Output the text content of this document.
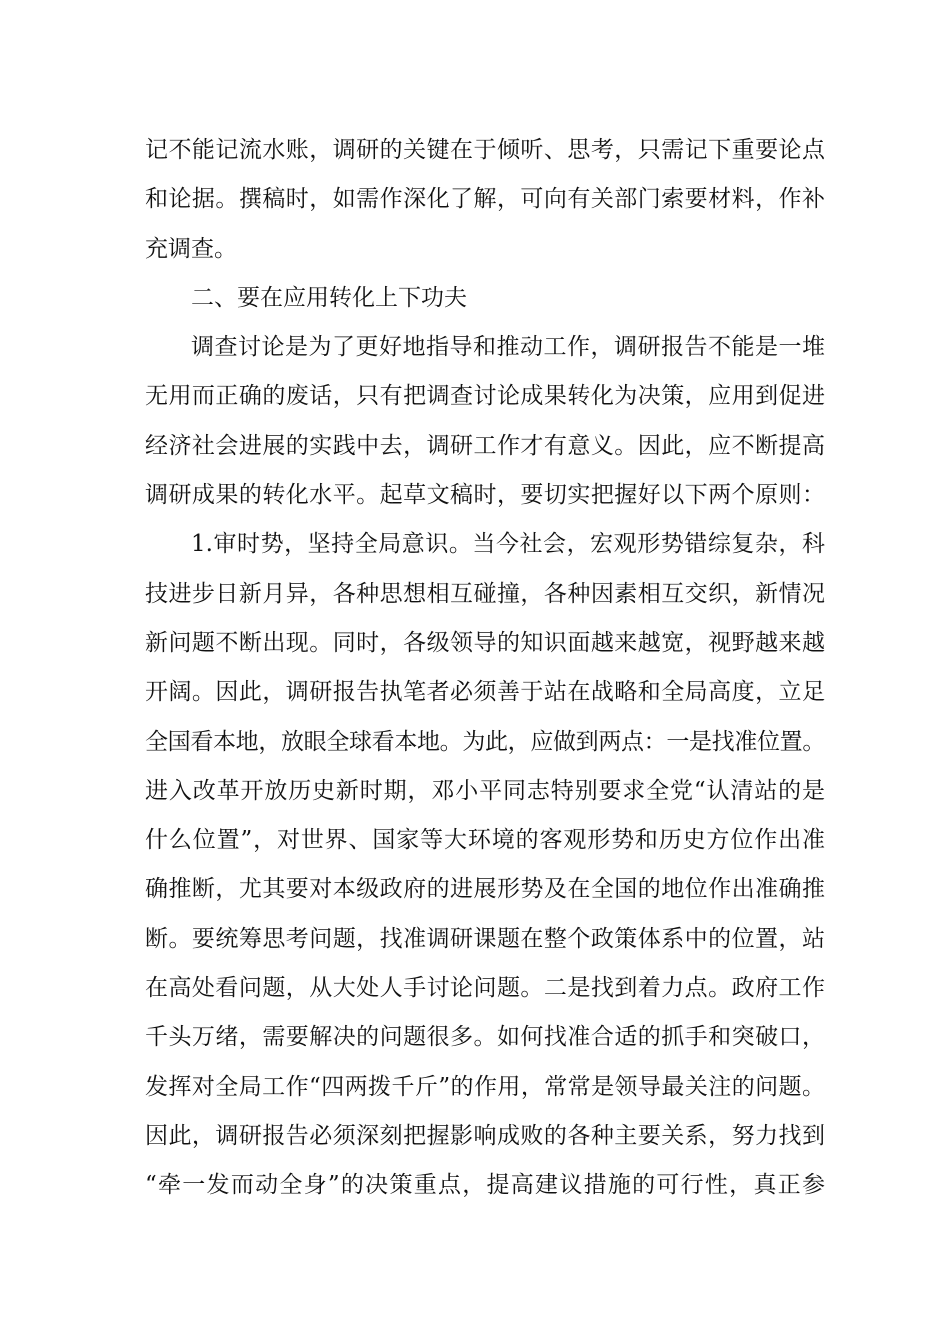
记不能记流水账，调研的关键在于倾听、思考，只需记下重要论点
和论据。撰稿时，如需作深化了解，可向有关部门索要材料，作补
充调查。
二、要在应用转化上下功夫
调查讨论是为了更好地指导和推动工作，调研报告不能是一堆
无用而正确的废话，只有把调查讨论成果转化为决策，应用到促进
经济社会进展的实践中去，调研工作才有意义。因此，应不断提高
调研成果的转化水平。起草文稿时，要切实把握好以下两个原则：
1.审时势，坚持全局意识。当今社会，宏观形势错综复杂，科
技进步日新月异，各种思想相互碰撞，各种因素相互交织，新情况
新问题不断出现。同时，各级领导的知识面越来越宽，视野越来越
开阔。因此，调研报告执笔者必须善于站在战略和全局高度，立足
全国看本地，放眼全球看本地。为此，应做到两点：一是找准位置。
进入改革开放历史新时期，邓小平同志特别要求全党“认清站的是
什么位置”，对世界、国家等大环境的客观形势和历史方位作出准
确推断，尤其要对本级政府的进展形势及在全国的地位作出准确推
断。要统筹思考问题，找准调研课题在整个政策体系中的位置，站
在高处看问题，从大处人手讨论问题。二是找到着力点。政府工作
千头万绪，需要解决的问题很多。如何找准合适的抓手和突破口，
发挥对全局工作“四两拨千斤”的作用，常常是领导最关注的问题。
因此，调研报告必须深刻把握影响成败的各种主要关系，努力找到
“牵一发而动全身”的决策重点，提高建议措施的可行性，真正参
